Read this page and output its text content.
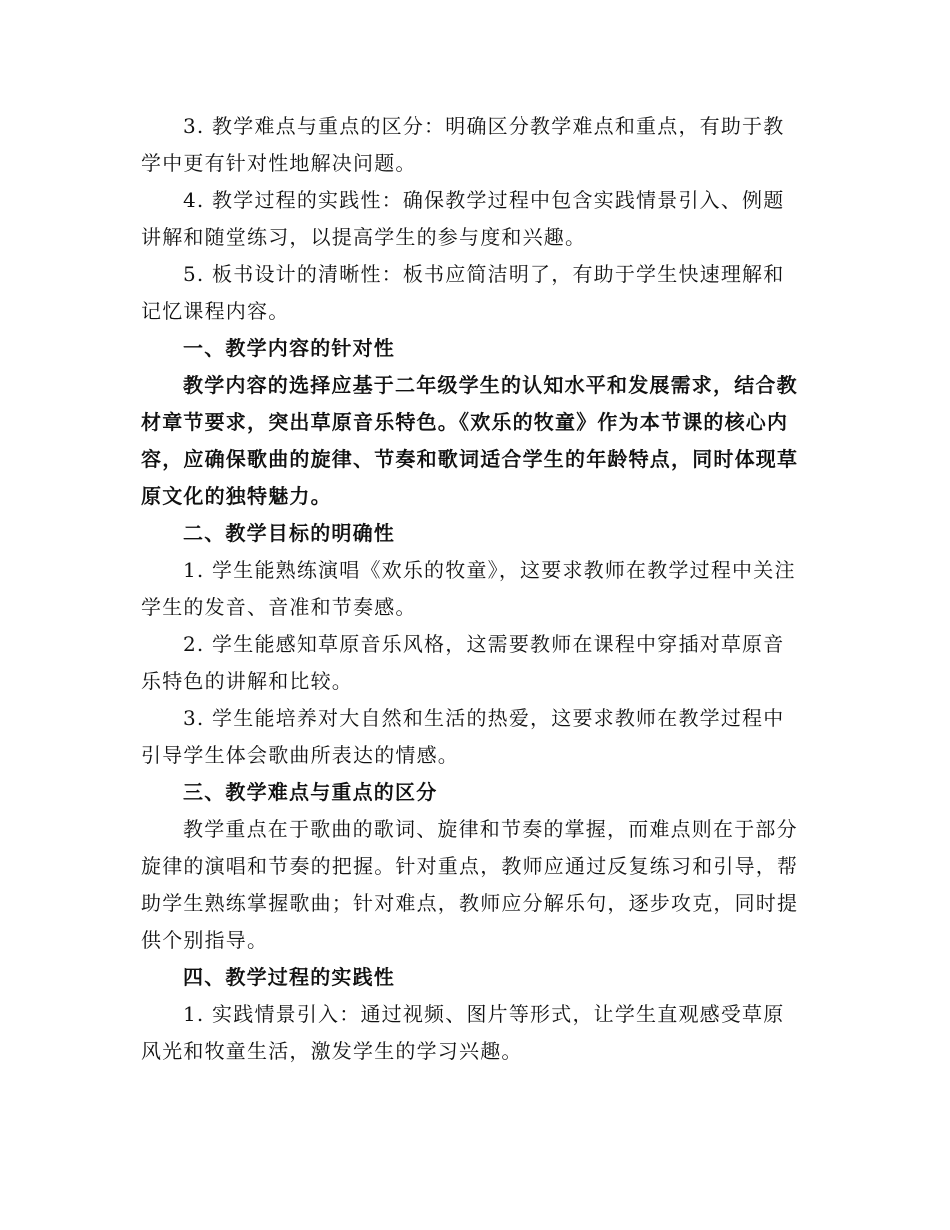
3. 教学难点与重点的区分：明确区分教学难点和重点，有助于教学中更有针对性地解决问题。

4. 教学过程的实践性：确保教学过程中包含实践情景引入、例题讲解和随堂练习，以提高学生的参与度和兴趣。

5. 板书设计的清晰性：板书应简洁明了，有助于学生快速理解和记忆课程内容。

一、教学内容的针对性

教学内容的选择应基于二年级学生的认知水平和发展需求，结合教材章节要求，突出草原音乐特色。《欢乐的牧童》作为本节课的核心内容，应确保歌曲的旋律、节奏和歌词适合学生的年龄特点，同时体现草原文化的独特魅力。

二、教学目标的明确性

1. 学生能熟练演唱《欢乐的牧童》，这要求教师在教学过程中关注学生的发音、音准和节奏感。

2. 学生能感知草原音乐风格，这需要教师在课程中穿插对草原音乐特色的讲解和比较。

3. 学生能培养对大自然和生活的热爱，这要求教师在教学过程中引导学生体会歌曲所表达的情感。

三、教学难点与重点的区分

教学重点在于歌曲的歌词、旋律和节奏的掌握，而难点则在于部分旋律的演唱和节奏的把握。针对重点，教师应通过反复练习和引导，帮助学生熟练掌握歌曲；针对难点，教师应分解乐句，逐步攻克，同时提供个别指导。

四、教学过程的实践性

1. 实践情景引入：通过视频、图片等形式，让学生直观感受草原风光和牧童生活，激发学生的学习兴趣。
